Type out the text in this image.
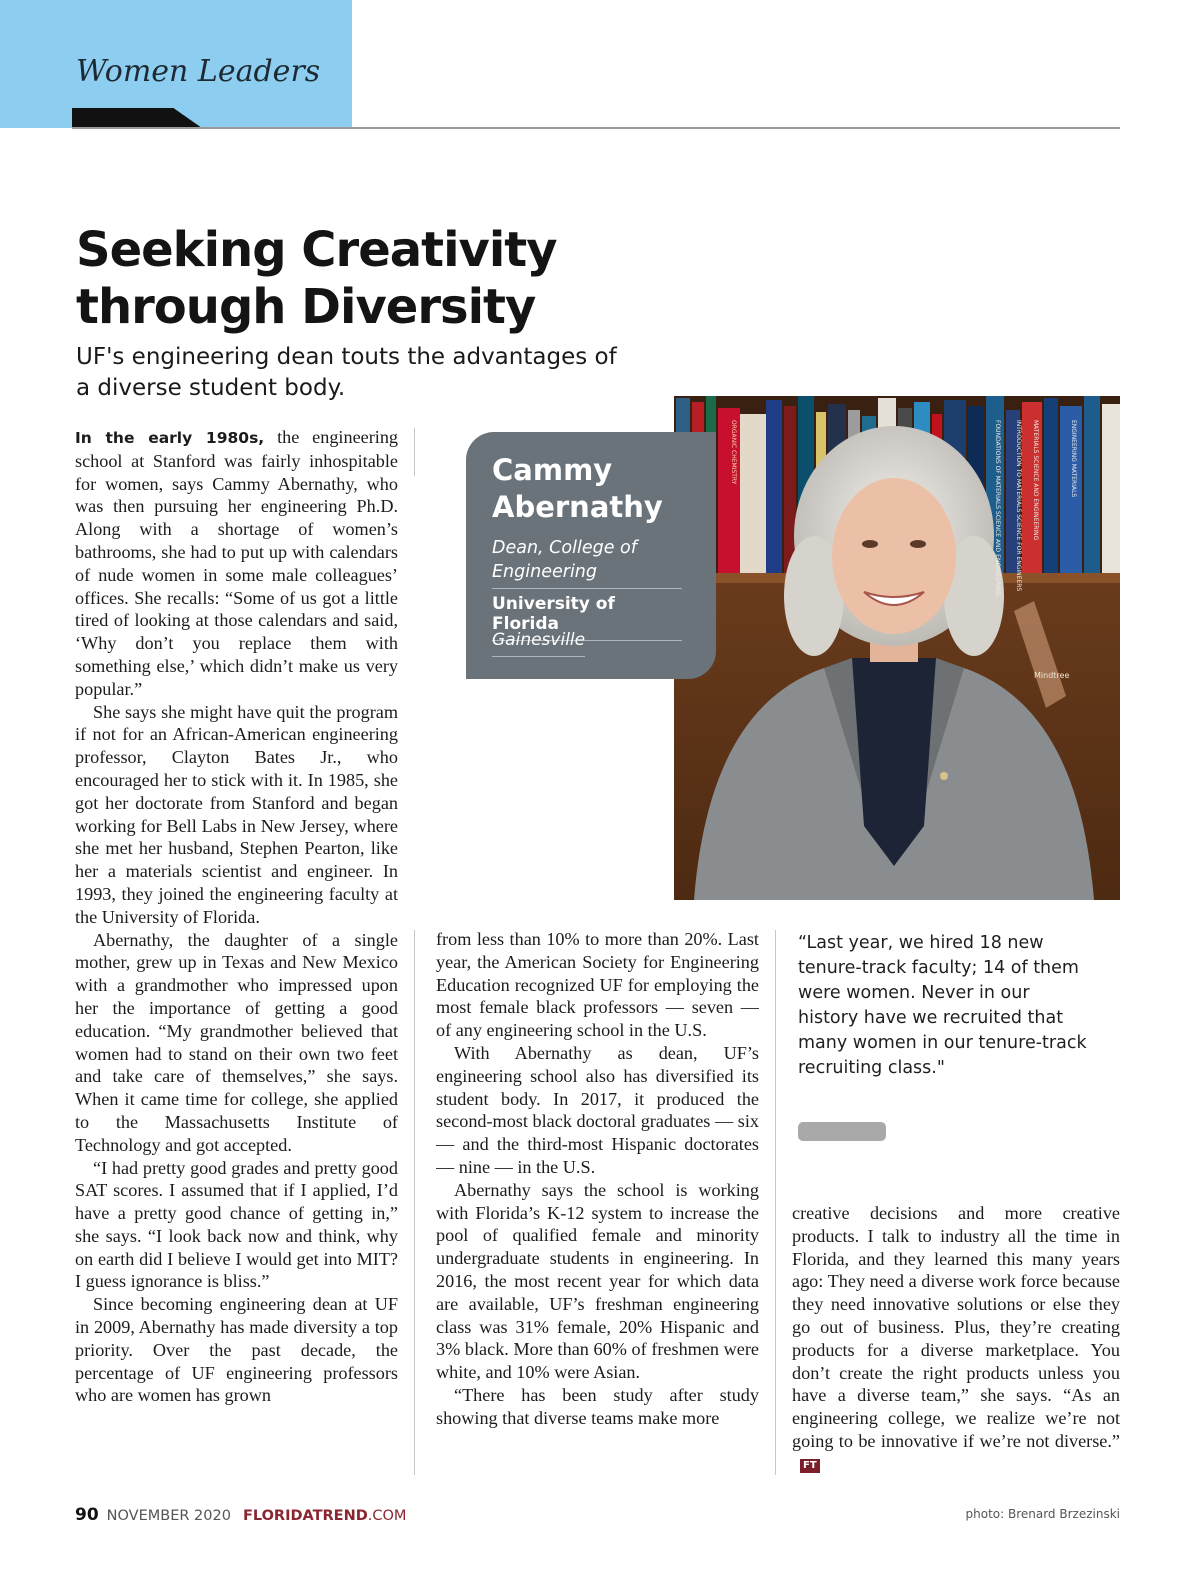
Women Leaders
Seeking Creativity through Diversity

UF's engineering dean touts the advantages of a diverse student body.

In the early 1980s, the engineering school at Stanford was fairly inhospitable for women, says Cammy Abernathy, who was then pursuing her engineering Ph.D. Along with a shortage of women’s bathrooms, she had to put up with calendars of nude women in some male colleagues’ offices. She recalls: “Some of us got a little tired of looking at those calendars and said, ‘Why don’t you replace them with something else,’ which didn’t make us very popular.”

She says she might have quit the program if not for an African-American engineering professor, Clayton Bates Jr., who encouraged her to stick with it. In 1985, she got her doctorate from Stanford and began working for Bell Labs in New Jersey, where she met her husband, Stephen Pearton, like her a materials scientist and engineer. In 1993, they joined the engineering faculty at the University of Florida.

Abernathy, the daughter of a single mother, grew up in Texas and New Mexico with a grandmother who impressed upon her the importance of getting a good education. “My grandmother believed that women had to stand on their own two feet and take care of themselves,” she says. When it came time for college, she applied to the Massachusetts Institute of Technology and got accepted.

“I had pretty good grades and pretty good SAT scores. I assumed that if I applied, I’d have a pretty good chance of getting in,” she says. “I look back now and think, why on earth did I believe I would get into MIT? I guess ignorance is bliss.”

Since becoming engineering dean at UF in 2009, Abernathy has made diversity a top priority. Over the past decade, the percentage of UF engineering professors who are women has grown

ORGANIC CHEMISTRY	FOUNDATIONS OF MATERIALS SCIENCE AND ENGINEERING INTRODUCTION TO MATERIALS SCIENCE FOR ENGINEERS MATERIALS SCIENCE AND ENGINEERING	ENGINEERING MATERIALS
Mindtree
Cammy Abernathy
Dean, College of Engineering
University of Florida
Gainesville

from less than 10% to more than 20%. Last year, the American Society for Engineering Education recognized UF for employing the most female black professors — seven — of any engineering school in the U.S.

With Abernathy as dean, UF’s engineering school also has diversified its student body. In 2017, it produced the second-most black doctoral graduates — six — and the third-most Hispanic doctorates — nine — in the U.S.

Abernathy says the school is working with Florida’s K-12 system to increase the pool of qualified female and minority undergraduate students in engineering. In 2016, the most recent year for which data are available, UF’s freshman engineering class was 31% female, 20% Hispanic and 3% black. More than 60% of freshmen were white, and 10% were Asian.

“There has been study after study showing that diverse teams make more

“Last year, we hired 18 new tenure-track faculty; 14 of them were women. Never in our history have we recruited that many women in our tenure-track recruiting class."

creative decisions and more creative products. I talk to industry all the time in Florida, and they learned this many years ago: They need a diverse work force because they need innovative solutions or else they go out of business. Plus, they’re creating products for a diverse marketplace. You don’t create the right products unless you have a diverse team,” she says. “As an engineering college, we realize we’re not going to be innovative if we’re not diverse.”FT

90 NOVEMBER 2020 FLORIDATREND.COM	photo: Brenard Brzezinski
